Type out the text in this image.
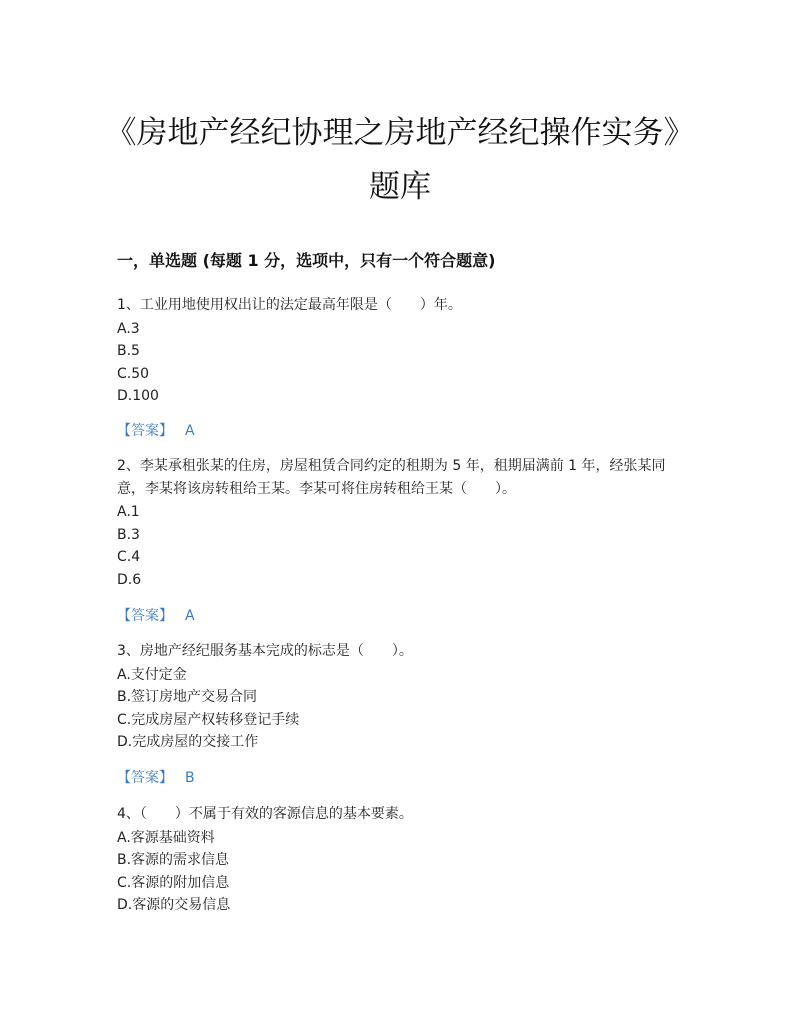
《房地产经纪协理之房地产经纪操作实务》题库
一，单选题 (每题 1 分，选项中，只有一个符合题意)

1、工业用地使用权出让的法定最高年限是（　　）年。

A.3

B.5

C.50

D.100

【答案】 A

2、李某承租张某的住房，房屋租赁合同约定的租期为 5 年，租期届满前 1 年，经张某同意，李某将该房转租给王某。李某可将住房转租给王某（　　）。

A.1

B.3

C.4

D.6

【答案】 A

3、房地产经纪服务基本完成的标志是（　　）。

A.支付定金

B.签订房地产交易合同

C.完成房屋产权转移登记手续

D.完成房屋的交接工作

【答案】 B

4、（　　）不属于有效的客源信息的基本要素。

A.客源基础资料

B.客源的需求信息

C.客源的附加信息

D.客源的交易信息
